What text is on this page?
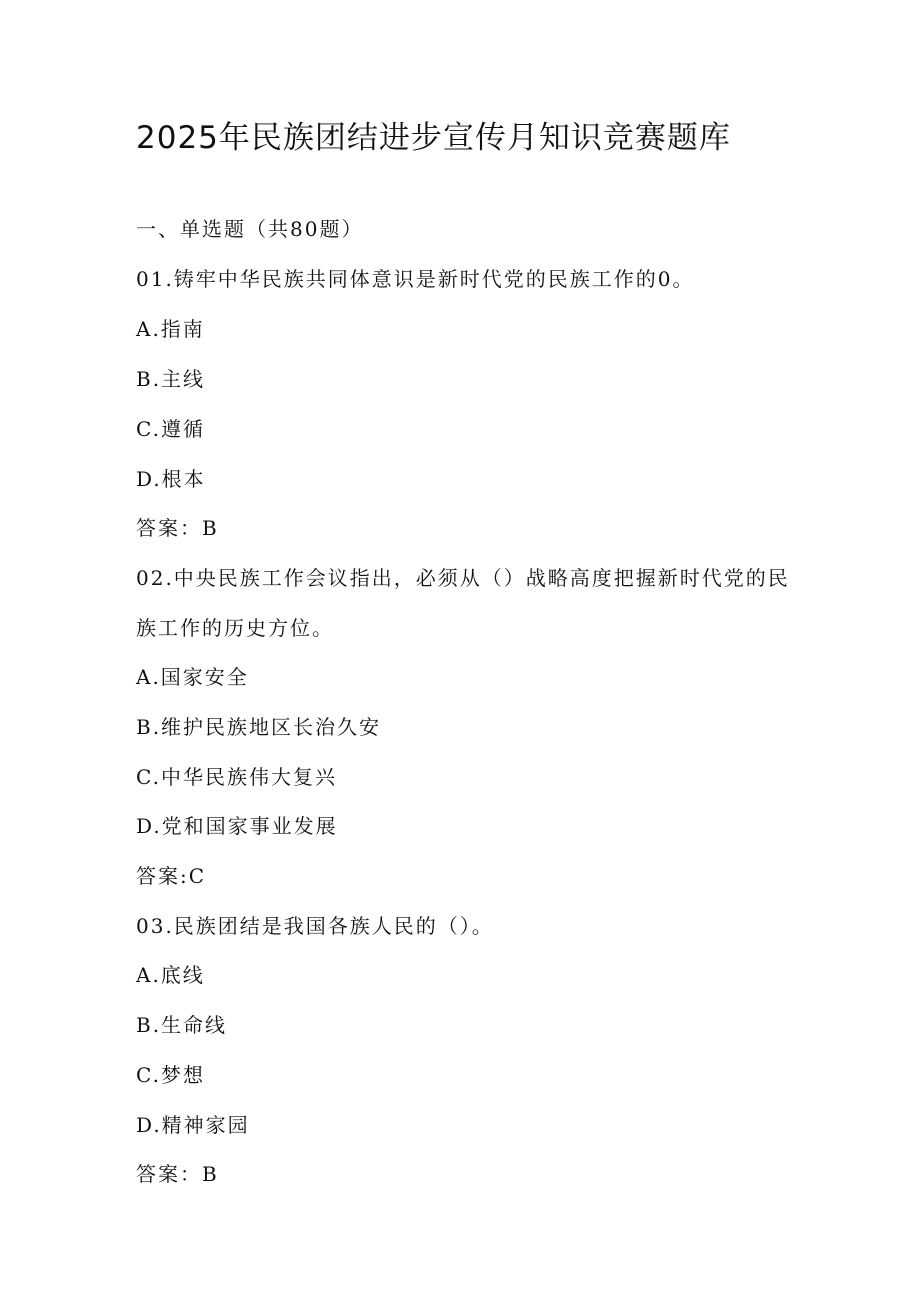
2025年民族团结进步宣传月知识竞赛题库
一、单选题（共80题）
01.铸牢中华民族共同体意识是新时代党的民族工作的0。
A.指南
B.主线
C.遵循
D.根本
答案：B
02.中央民族工作会议指出，必须从（）战略高度把握新时代党的民
族工作的历史方位。
A.国家安全
B.维护民族地区长治久安
C.中华民族伟大复兴
D.党和国家事业发展
答案:C
03.民族团结是我国各族人民的（）。
A.底线
B.生命线
C.梦想
D.精神家园
答案：B
